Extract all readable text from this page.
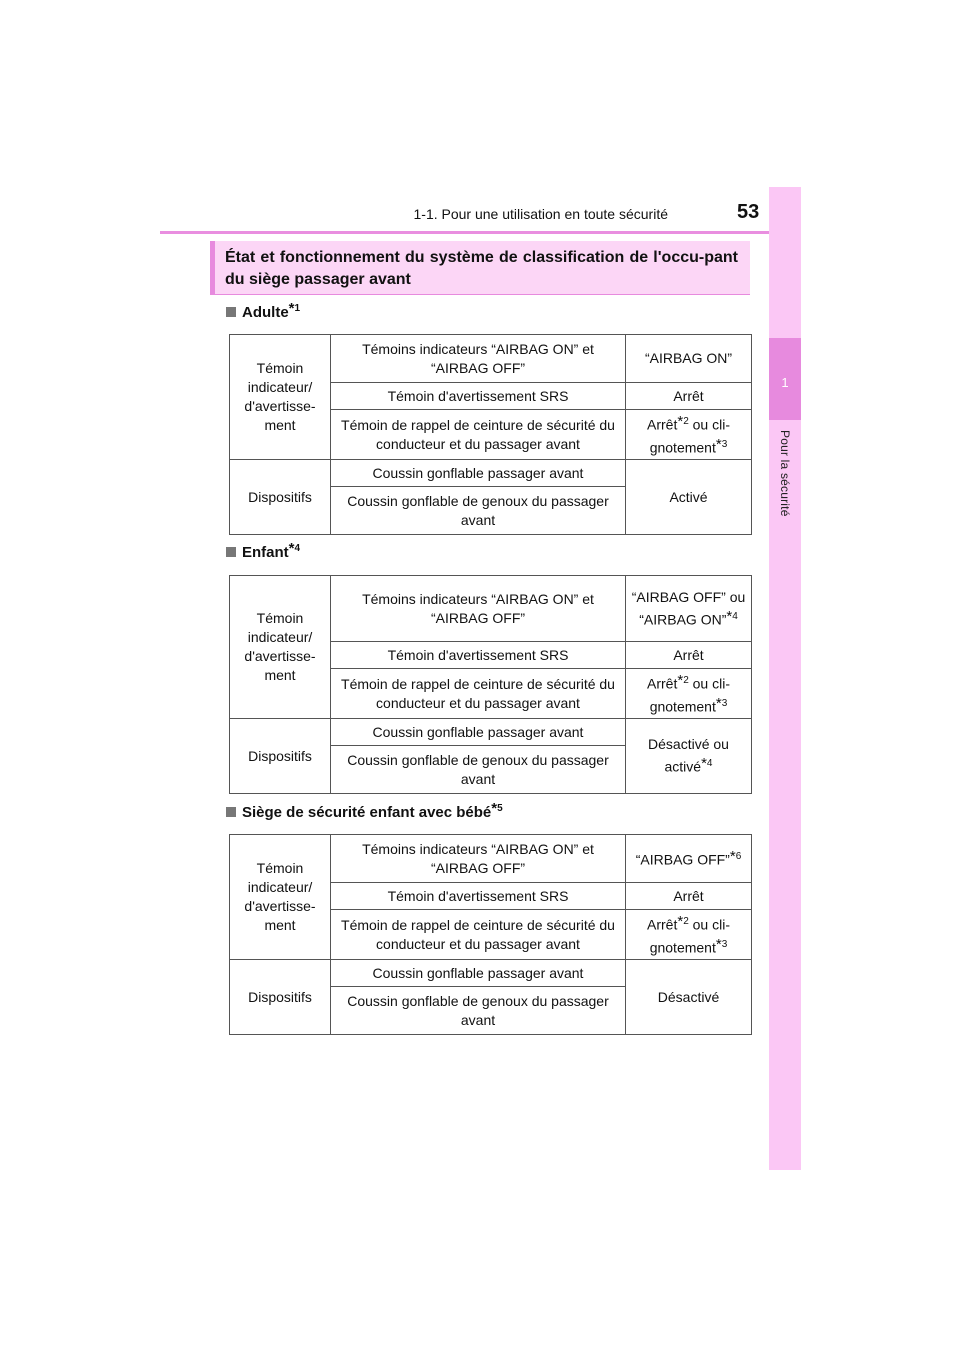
1-1. Pour une utilisation en toute sécurité	53
1
Pour la sécurité
État et fonctionnement du système de classification de l'occu-pant du siège passager avant
Adulte$^{*1}$
Témoin indicateur/ d'avertisse- ment	Témoins indicateurs “AIRBAG ON” et “AIRBAG OFF”	“AIRBAG ON”
	Témoin d'avertissement SRS	Arrêt
	Témoin de rappel de ceinture de sécurité du conducteur et du passager avant	Arrêt$^{*2}$ ou cli- gnotement$^{*3}$
Dispositifs	Coussin gonflable passager avant	Activé
	Coussin gonflable de genoux du passager avant	
Enfant$^{*4}$
Témoin indicateur/ d'avertisse- ment	Témoins indicateurs “AIRBAG ON” et “AIRBAG OFF”	“AIRBAG OFF” ou “AIRBAG ON”$^{*4}$
	Témoin d'avertissement SRS	Arrêt
	Témoin de rappel de ceinture de sécurité du conducteur et du passager avant	Arrêt$^{*2}$ ou cli- gnotement$^{*3}$
Dispositifs	Coussin gonflable passager avant	Désactivé ou activé$^{*4}$
	Coussin gonflable de genoux du passager avant	
Siège de sécurité enfant avec bébé$^{*5}$
Témoin indicateur/ d'avertisse- ment	Témoins indicateurs “AIRBAG ON” et “AIRBAG OFF”	“AIRBAG OFF”$^{*6}$
	Témoin d'avertissement SRS	Arrêt
	Témoin de rappel de ceinture de sécurité du conducteur et du passager avant	Arrêt$^{*2}$ ou cli- gnotement$^{*3}$
Dispositifs	Coussin gonflable passager avant	Désactivé
	Coussin gonflable de genoux du passager avant	
